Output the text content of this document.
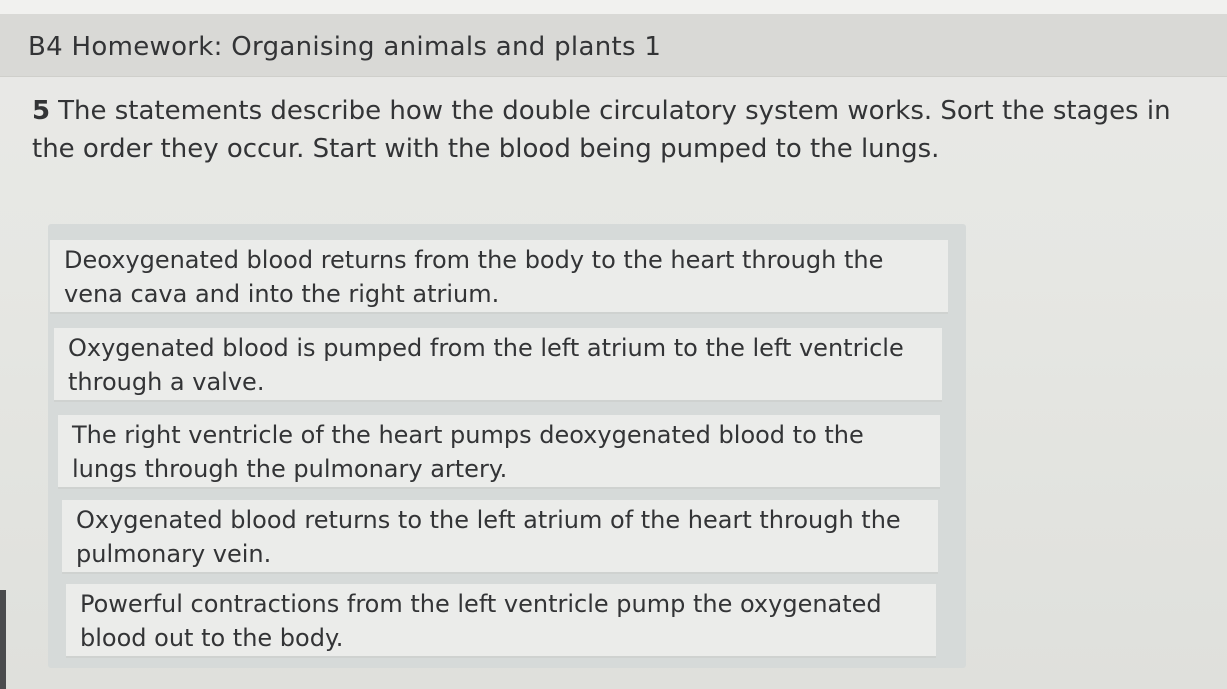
B4 Homework: Organising animals and plants 1
5 The statements describe how the double circulatory system works. Sort the stages in the order they occur. Start with the blood being pumped to the lungs.
Deoxygenated blood returns from the body to the heart through the vena cava and into the right atrium.
Oxygenated blood is pumped from the left atrium to the left ventricle through a valve.
The right ventricle of the heart pumps deoxygenated blood to the lungs through the pulmonary artery.
Oxygenated blood returns to the left atrium of the heart through the pulmonary vein.
Powerful contractions from the left ventricle pump the oxygenated blood out to the body.
